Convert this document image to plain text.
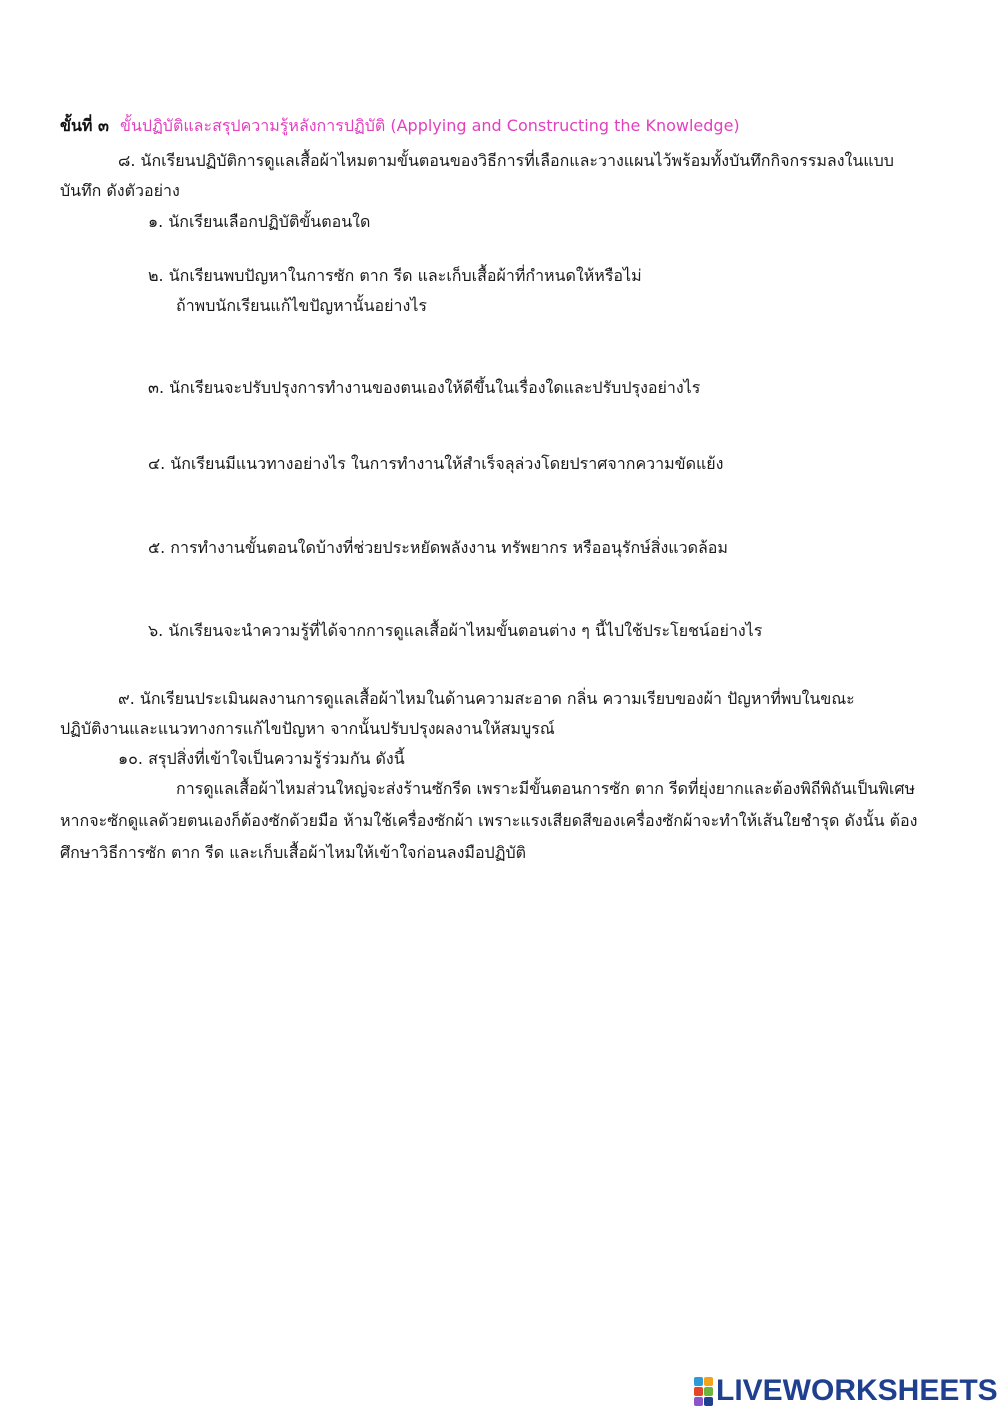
ขั้นที่ ๓ ขั้นปฏิบัติและสรุปความรู้หลังการปฏิบัติ (Applying and Constructing the Knowledge)
๘. นักเรียนปฏิบัติการดูแลเสื้อผ้าไหมตามขั้นตอนของวิธีการที่เลือกและวางแผนไว้พร้อมทั้งบันทึกกิจกรรมลงในแบบ
บันทึก ดังตัวอย่าง
๑. นักเรียนเลือกปฏิบัติขั้นตอนใด
๒. นักเรียนพบปัญหาในการซัก ตาก รีด และเก็บเสื้อผ้าที่กำหนดให้หรือไม่
ถ้าพบนักเรียนแก้ไขปัญหานั้นอย่างไร
๓. นักเรียนจะปรับปรุงการทำงานของตนเองให้ดีขึ้นในเรื่องใดและปรับปรุงอย่างไร
๔. นักเรียนมีแนวทางอย่างไร ในการทำงานให้สำเร็จลุล่วงโดยปราศจากความขัดแย้ง
๕. การทำงานขั้นตอนใดบ้างที่ช่วยประหยัดพลังงาน ทรัพยากร หรืออนุรักษ์สิ่งแวดล้อม
๖. นักเรียนจะนำความรู้ที่ได้จากการดูแลเสื้อผ้าไหมขั้นตอนต่าง ๆ นี้ไปใช้ประโยชน์อย่างไร
๙. นักเรียนประเมินผลงานการดูแลเสื้อผ้าไหมในด้านความสะอาด กลิ่น ความเรียบของผ้า ปัญหาที่พบในขณะ
ปฏิบัติงานและแนวทางการแก้ไขปัญหา จากนั้นปรับปรุงผลงานให้สมบูรณ์
๑๐. สรุปสิ่งที่เข้าใจเป็นความรู้ร่วมกัน ดังนี้
การดูแลเสื้อผ้าไหมส่วนใหญ่จะส่งร้านซักรีด เพราะมีขั้นตอนการซัก ตาก รีดที่ยุ่งยากและต้องพิถีพิถันเป็นพิเศษ
หากจะซักดูแลด้วยตนเองก็ต้องซักด้วยมือ ห้ามใช้เครื่องซักผ้า เพราะแรงเสียดสีของเครื่องซักผ้าจะทำให้เส้นใยชำรุด ดังนั้น ต้อง
ศึกษาวิธีการซัก ตาก รีด และเก็บเสื้อผ้าไหมให้เข้าใจก่อนลงมือปฏิบัติ
LIVEWORKSHEETS
